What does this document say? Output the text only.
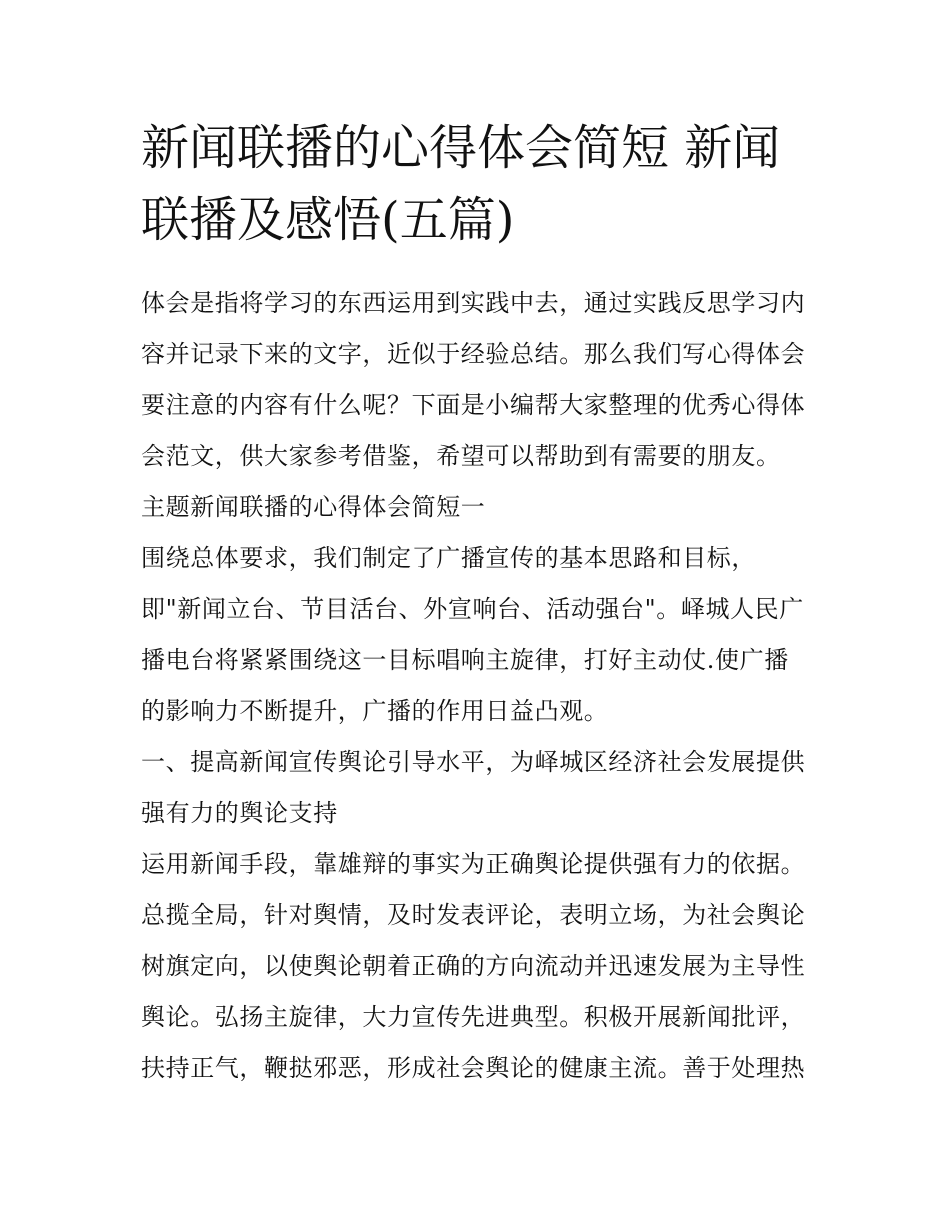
新闻联播的心得体会简短 新闻
联播及感悟(五篇)
体会是指将学习的东西运用到实践中去，通过实践反思学习内
容并记录下来的文字，近似于经验总结。那么我们写心得体会
要注意的内容有什么呢？下面是小编帮大家整理的优秀心得体
会范文，供大家参考借鉴，希望可以帮助到有需要的朋友。
主题新闻联播的心得体会简短一
围绕总体要求，我们制定了广播宣传的基本思路和目标，
即"新闻立台、节目活台、外宣响台、活动强台"。峄城人民广
播电台将紧紧围绕这一目标唱响主旋律，打好主动仗.使广播
的影响力不断提升，广播的作用日益凸观。
一、提高新闻宣传舆论引导水平，为峄城区经济社会发展提供
强有力的舆论支持
运用新闻手段，靠雄辩的事实为正确舆论提供强有力的依据。
总揽全局，针对舆情，及时发表评论，表明立场，为社会舆论
树旗定向，以使舆论朝着正确的方向流动并迅速发展为主导性
舆论。弘扬主旋律，大力宣传先进典型。积极开展新闻批评，
扶持正气，鞭挞邪恶，形成社会舆论的健康主流。善于处理热
